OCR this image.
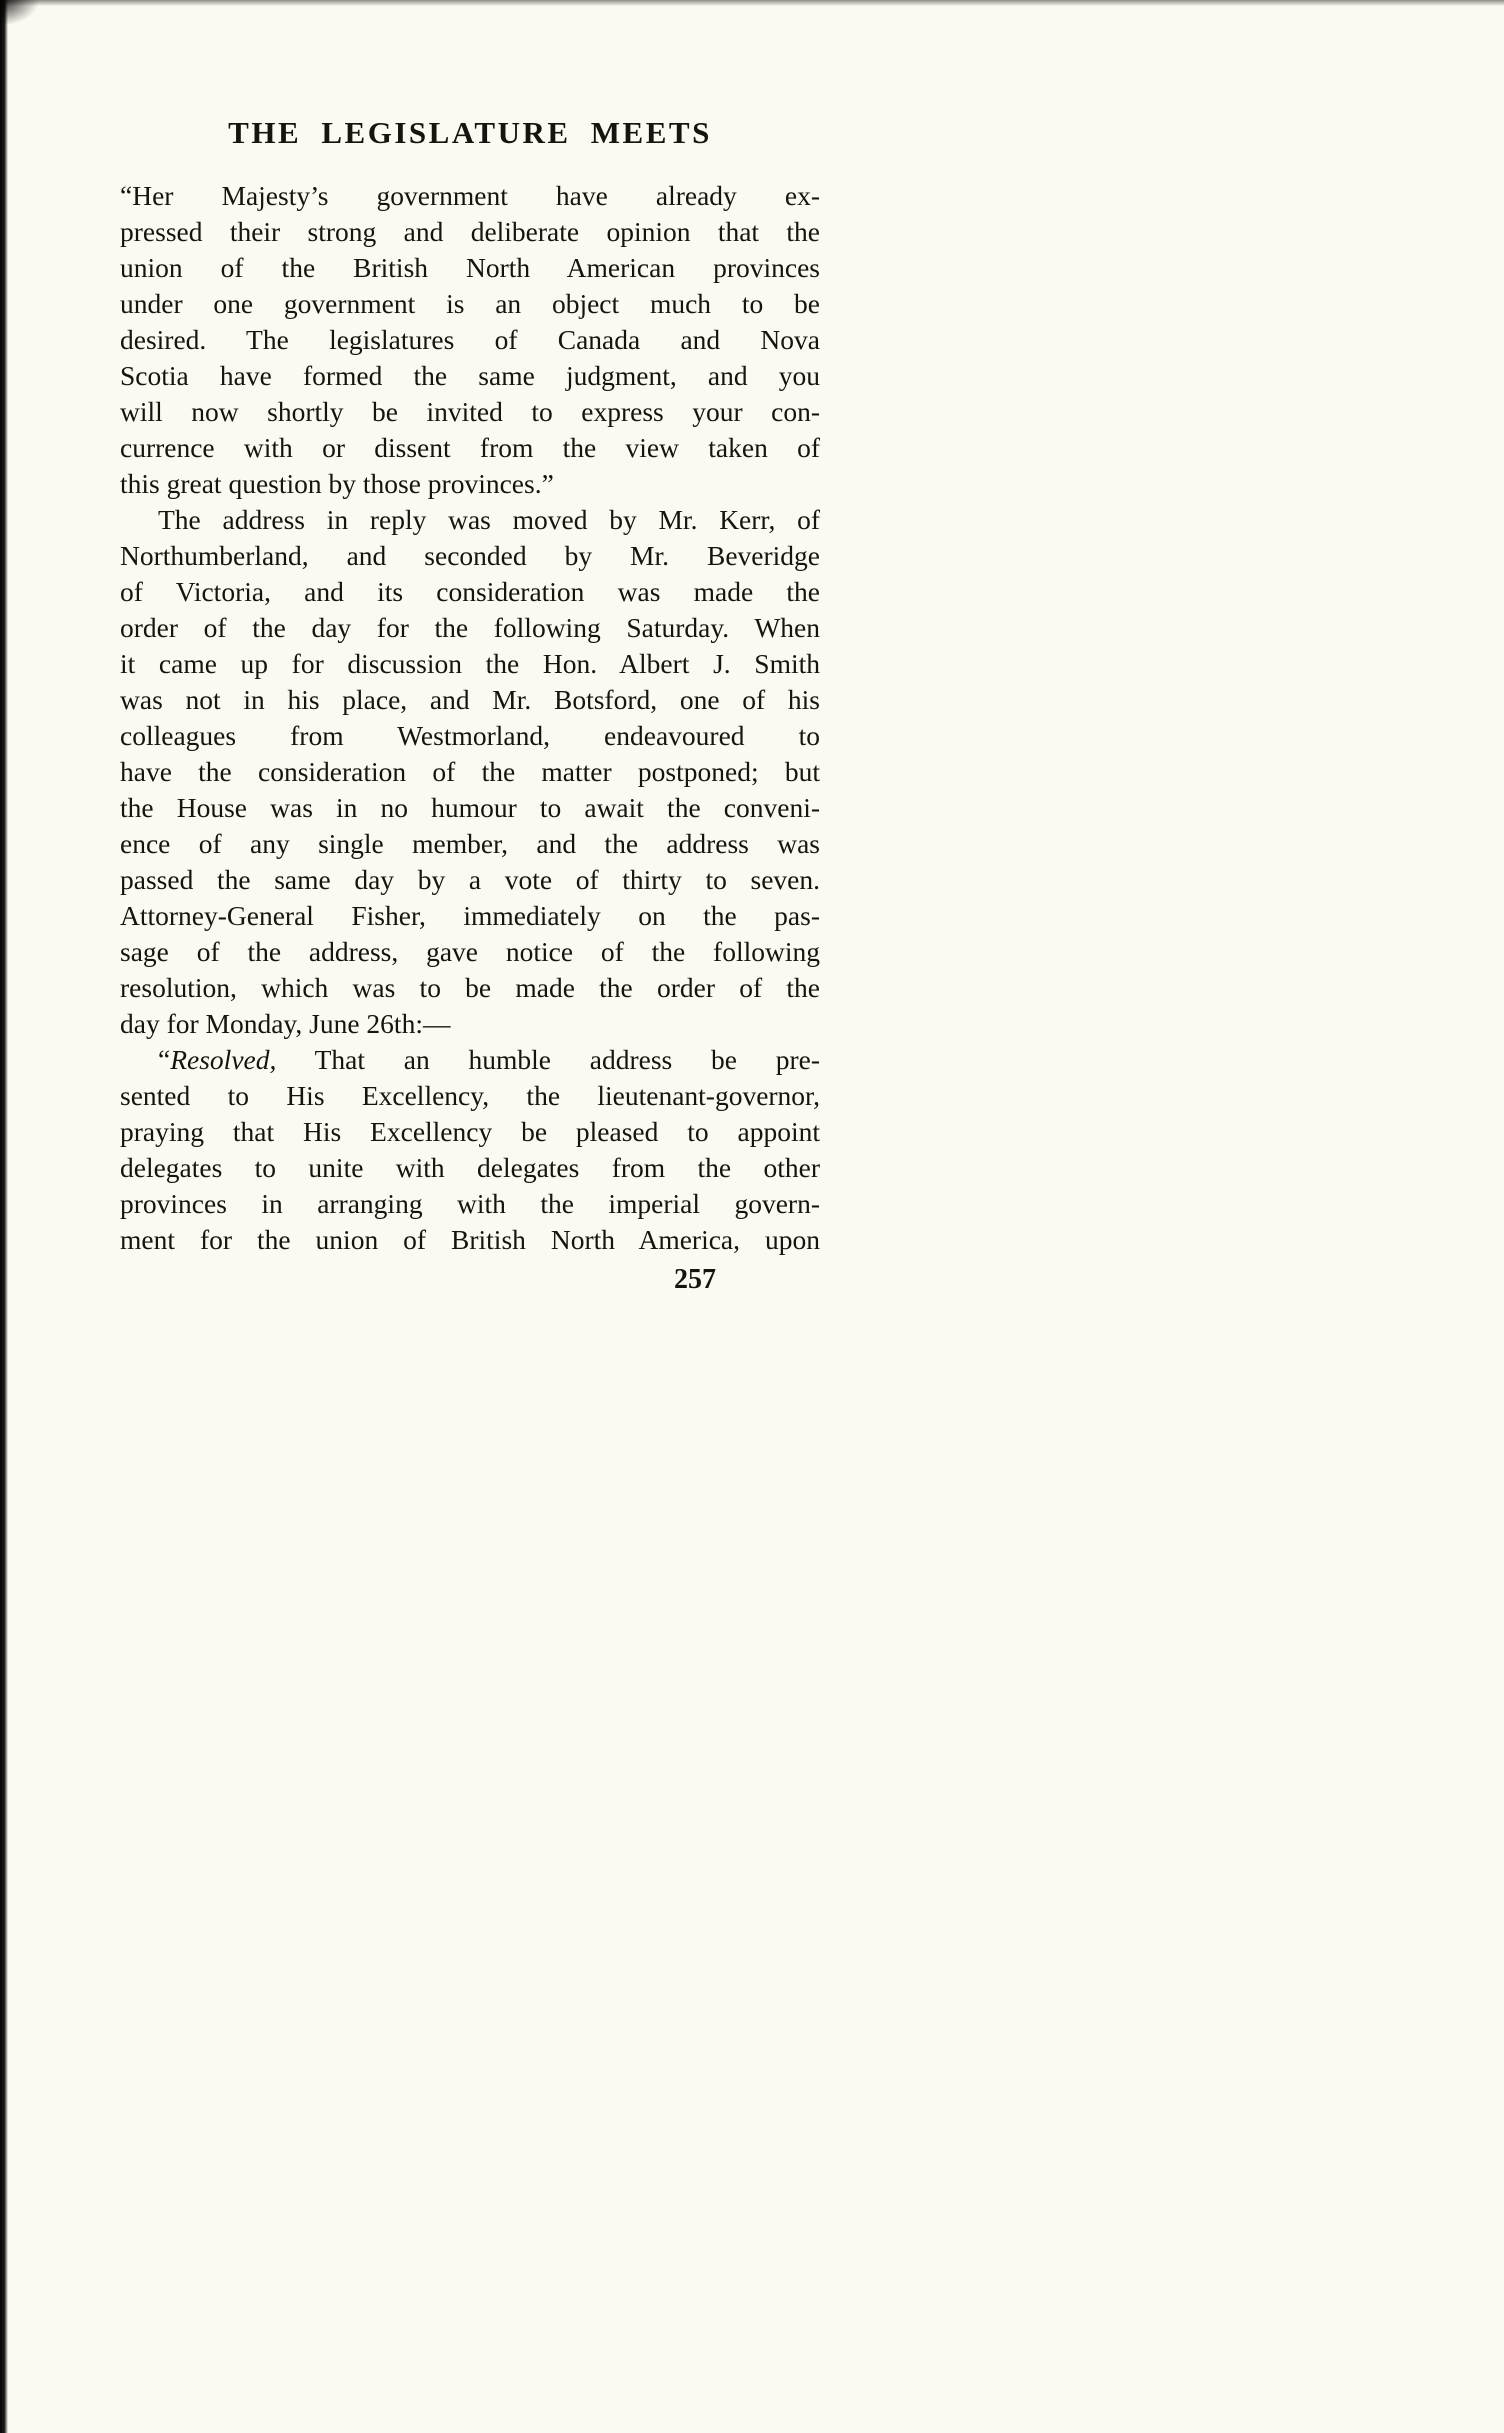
THE LEGISLATURE MEETS
“Her Majesty’s government have already ex-
pressed their strong and deliberate opinion that the
union of the British North American provinces
under one government is an object much to be
desired. The legislatures of Canada and Nova
Scotia have formed the same judgment, and you
will now shortly be invited to express your con-
currence with or dissent from the view taken of
this great question by those provinces.”
The address in reply was moved by Mr. Kerr, of
Northumberland, and seconded by Mr. Beveridge
of Victoria, and its consideration was made the
order of the day for the following Saturday. When
it came up for discussion the Hon. Albert J. Smith
was not in his place, and Mr. Botsford, one of his
colleagues from Westmorland, endeavoured to
have the consideration of the matter postponed; but
the House was in no humour to await the conveni-
ence of any single member, and the address was
passed the same day by a vote of thirty to seven.
Attorney-General Fisher, immediately on the pas-
sage of the address, gave notice of the following
resolution, which was to be made the order of the
day for Monday, June 26th:—
“Resolved, That an humble address be pre-
sented to His Excellency, the lieutenant-governor,
praying that His Excellency be pleased to appoint
delegates to unite with delegates from the other
provinces in arranging with the imperial govern-
ment for the union of British North America, upon
257
